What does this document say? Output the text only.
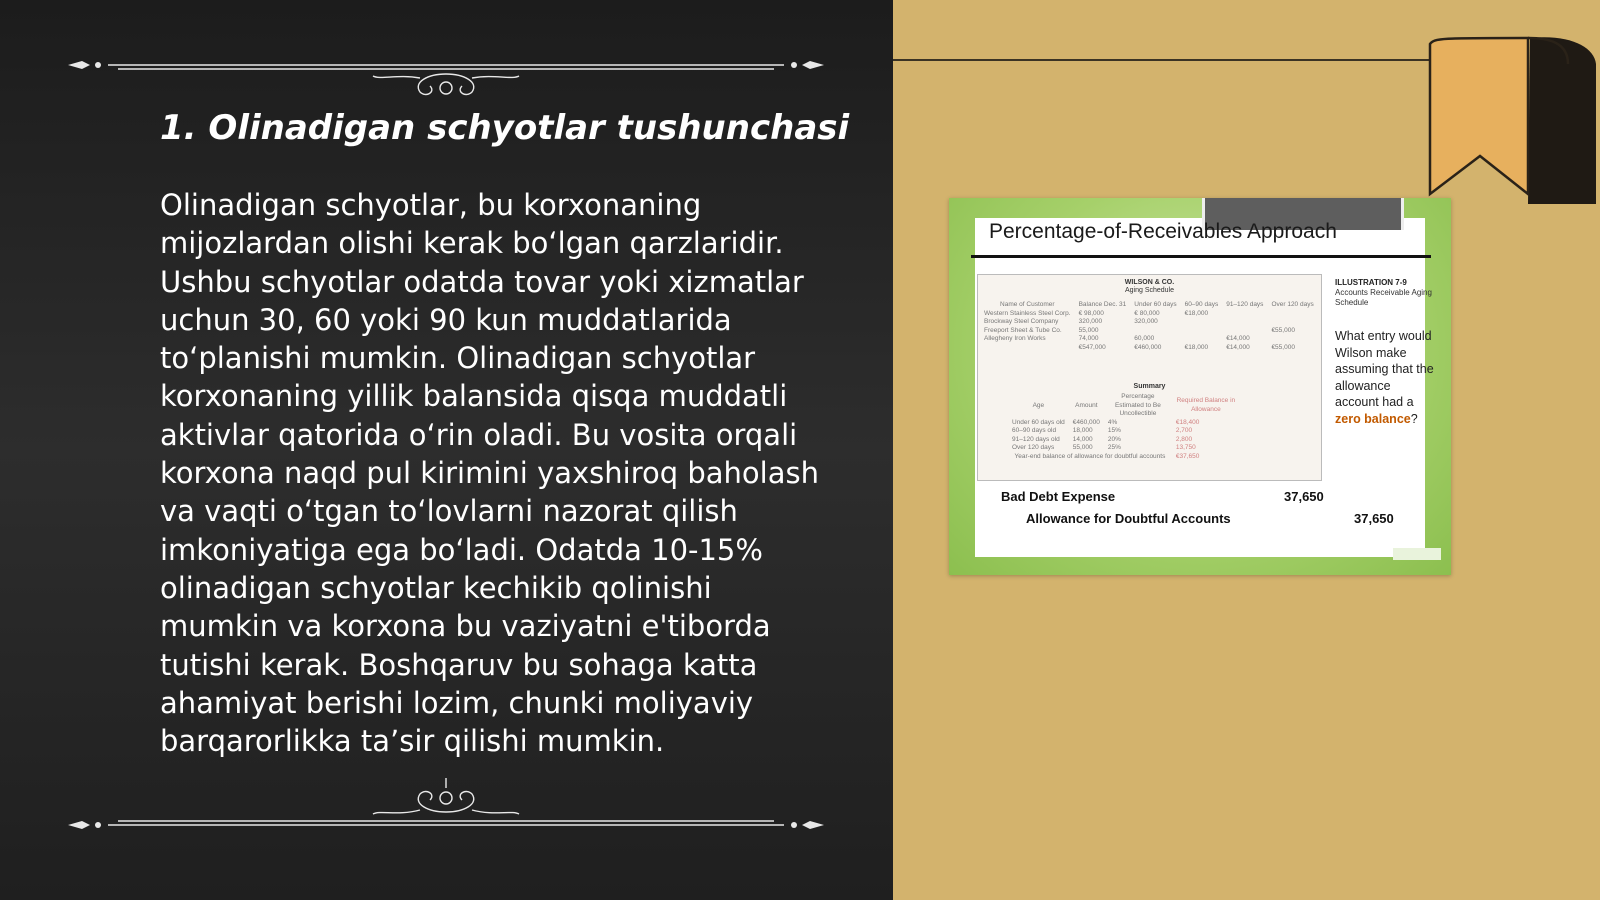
1. Olinadigan schyotlar tushunchasi

Olinadigan schyotlar, bu korxonaning mijozlardan olishi kerak boʻlgan qarzlaridir. Ushbu schyotlar odatda tovar yoki xizmatlar uchun 30, 60 yoki 90 kun muddatlarida toʻplanishi mumkin. Olinadigan schyotlar korxonaning yillik balansida qisqa muddatli aktivlar qatorida oʻrin oladi. Bu vosita orqali korxona naqd pul kirimini yaxshiroq baholash va vaqti oʻtgan toʻlovlarni nazorat qilish imkoniyatiga ega boʻladi. Odatda 10-15% olinadigan schyotlar kechikib qolinishi mumkin va korxona bu vaziyatni e'tiborda tutishi kerak. Boshqaruv bu sohaga katta ahamiyat berishi lozim, chunki moliyaviy barqarorlikka taʼsir qilishi mumkin.

Percentage-of-Receivables Approach
WILSON & CO.
Aging Schedule
Name of Customer	Balance Dec. 31	Under 60 days	60–90 days	91–120 days	Over 120 days
Western Stainless Steel Corp.	€ 98,000	€ 80,000	€18,000		
Brockway Steel Company	320,000	320,000			
Freeport Sheet & Tube Co.	55,000				€55,000
Allegheny Iron Works	74,000	60,000		€14,000	
	€547,000	€460,000	€18,000	€14,000	€55,000
Summary
Age	Amount	Percentage Estimated to Be Uncollectible	Required Balance in Allowance
Under 60 days old	€460,000	4%	€18,400
60–90 days old	18,000	15%	2,700
91–120 days old	14,000	20%	2,800
Over 120 days	55,000	25%	13,750
Year-end balance of allowance for doubtful accounts			€37,650
ILLUSTRATION 7-9
Accounts Receivable Aging Schedule
What entry would Wilson make assuming that the allowance account had a zero balance?
Bad Debt Expense	37,650
Allowance for Doubtful Accounts	37,650
